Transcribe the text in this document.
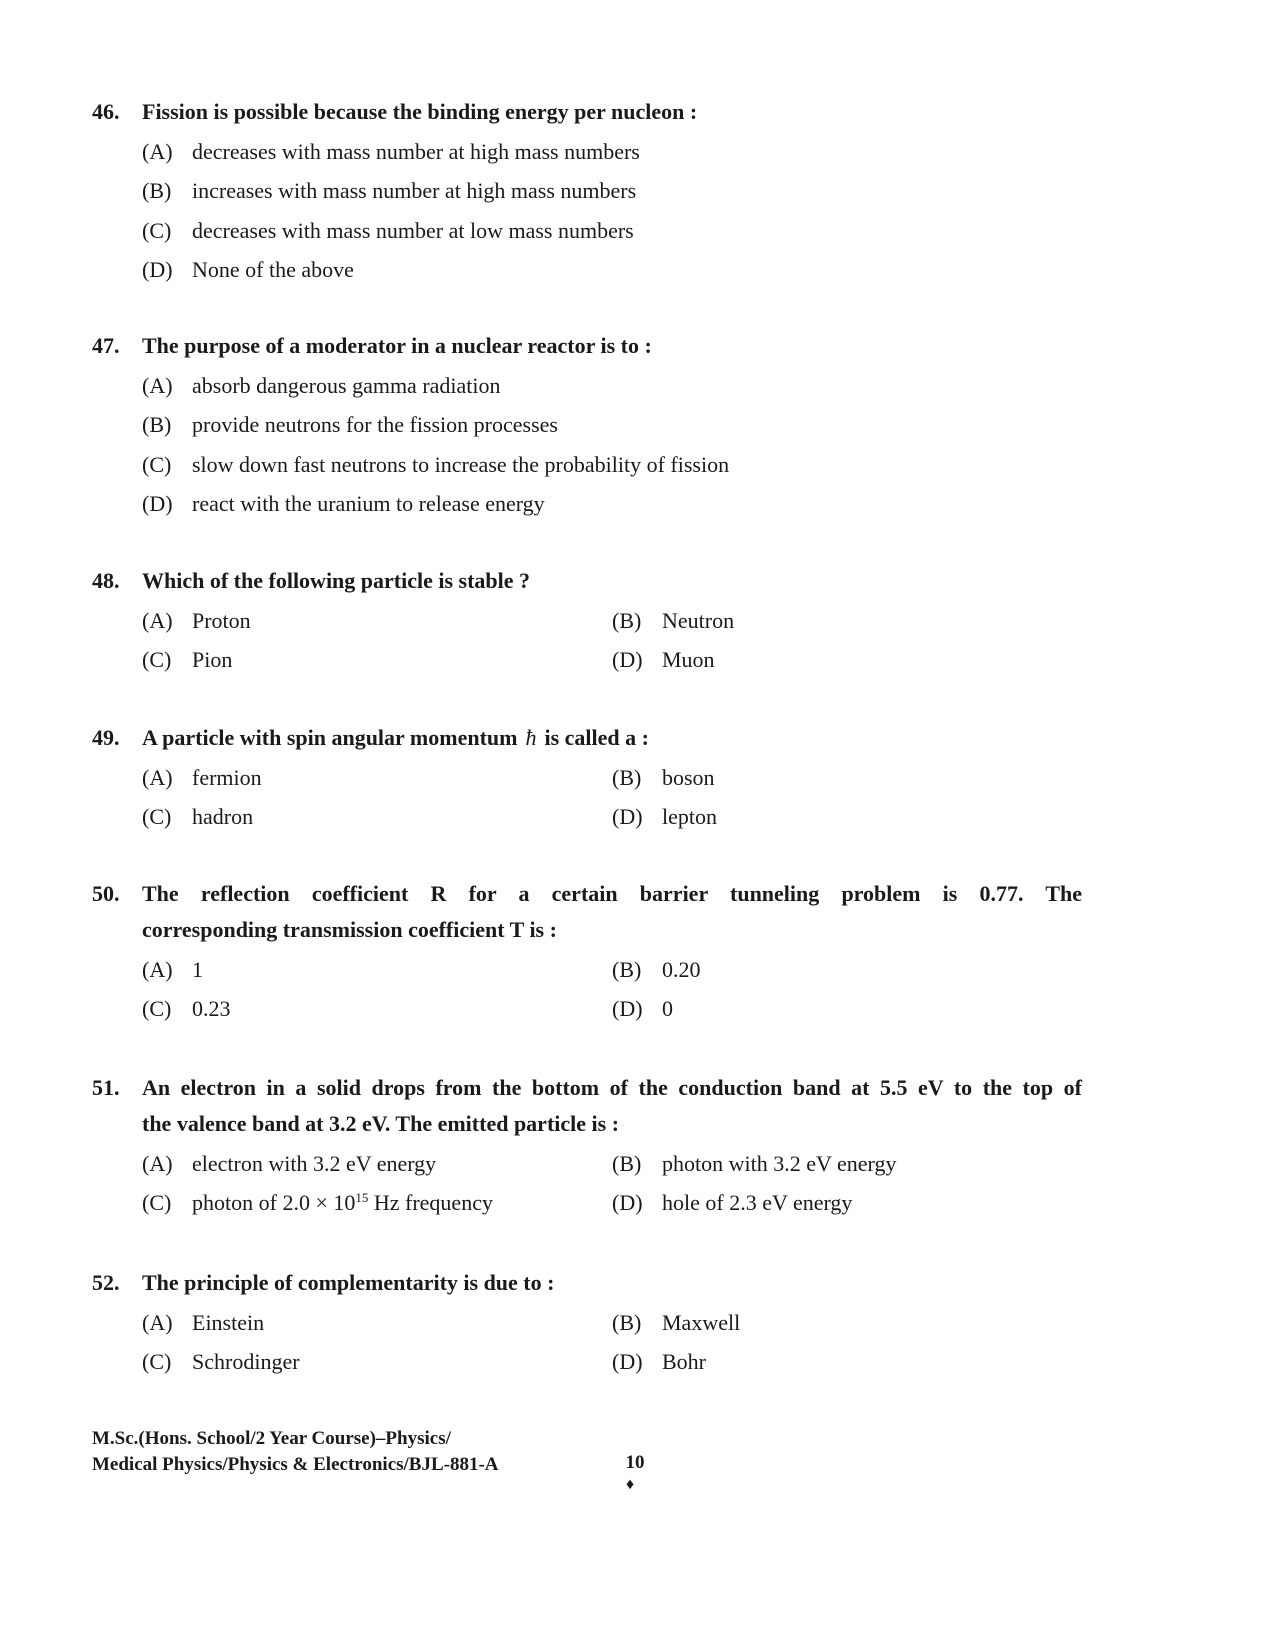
46.	Fission is possible because the binding energy per nucleon :
(A) decreases with mass number at high mass numbers
(B) increases with mass number at high mass numbers
(C) decreases with mass number at low mass numbers
(D) None of the above
47.	The purpose of a moderator in a nuclear reactor is to :
(A) absorb dangerous gamma radiation
(B) provide neutrons for the fission processes
(C) slow down fast neutrons to increase the probability of fission
(D) react with the uranium to release energy
48.	Which of the following particle is stable ?
(A) Proton	(B) Neutron
(C) Pion	(D) Muon
49.	A particle with spin angular momentum ħ is called a :
(A) fermion	(B) boson
(C) hadron	(D) lepton
50.	The reflection coefficient R for a certain barrier tunneling problem is 0.77. The
corresponding transmission coefficient T is :
(A) 1	(B) 0.20
(C) 0.23	(D) 0
51.	An electron in a solid drops from the bottom of the conduction band at 5.5 eV to the top of
the valence band at 3.2 eV. The emitted particle is :
(A) electron with 3.2 eV energy	(B) photon with 3.2 eV energy
(C) photon of $2.0 \times 10^{15}$ Hz frequency	(D) hole of 2.3 eV energy
52.	The principle of complementarity is due to :
(A) Einstein	(B) Maxwell
(C) Schrodinger	(D) Bohr
M.Sc.(Hons. School/2 Year Course)–Physics/
Medical Physics/Physics & Electronics/BJL-881-A	10
♦
